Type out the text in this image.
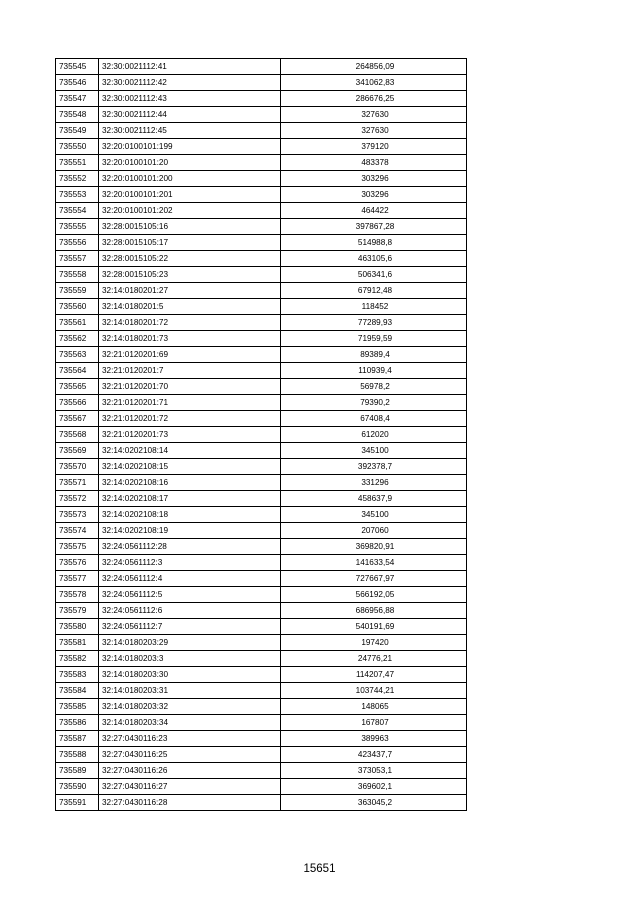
735545	32:30:0021112:41	264856,09
735546	32:30:0021112:42	341062,83
735547	32:30:0021112:43	286676,25
735548	32:30:0021112:44	327630
735549	32:30:0021112:45	327630
735550	32:20:0100101:199	379120
735551	32:20:0100101:20	483378
735552	32:20:0100101:200	303296
735553	32:20:0100101:201	303296
735554	32:20:0100101:202	464422
735555	32:28:0015105:16	397867,28
735556	32:28:0015105:17	514988,8
735557	32:28:0015105:22	463105,6
735558	32:28:0015105:23	506341,6
735559	32:14:0180201:27	67912,48
735560	32:14:0180201:5	118452
735561	32:14:0180201:72	77289,93
735562	32:14:0180201:73	71959,59
735563	32:21:0120201:69	89389,4
735564	32:21:0120201:7	110939,4
735565	32:21:0120201:70	56978,2
735566	32:21:0120201:71	79390,2
735567	32:21:0120201:72	67408,4
735568	32:21:0120201:73	612020
735569	32:14:0202108:14	345100
735570	32:14:0202108:15	392378,7
735571	32:14:0202108:16	331296
735572	32:14:0202108:17	458637,9
735573	32:14:0202108:18	345100
735574	32:14:0202108:19	207060
735575	32:24:0561112:28	369820,91
735576	32:24:0561112:3	141633,54
735577	32:24:0561112:4	727667,97
735578	32:24:0561112:5	566192,05
735579	32:24:0561112:6	686956,88
735580	32:24:0561112:7	540191,69
735581	32:14:0180203:29	197420
735582	32:14:0180203:3	24776,21
735583	32:14:0180203:30	114207,47
735584	32:14:0180203:31	103744,21
735585	32:14:0180203:32	148065
735586	32:14:0180203:34	167807
735587	32:27:0430116:23	389963
735588	32:27:0430116:25	423437,7
735589	32:27:0430116:26	373053,1
735590	32:27:0430116:27	369602,1
735591	32:27:0430116:28	363045,2
15651
